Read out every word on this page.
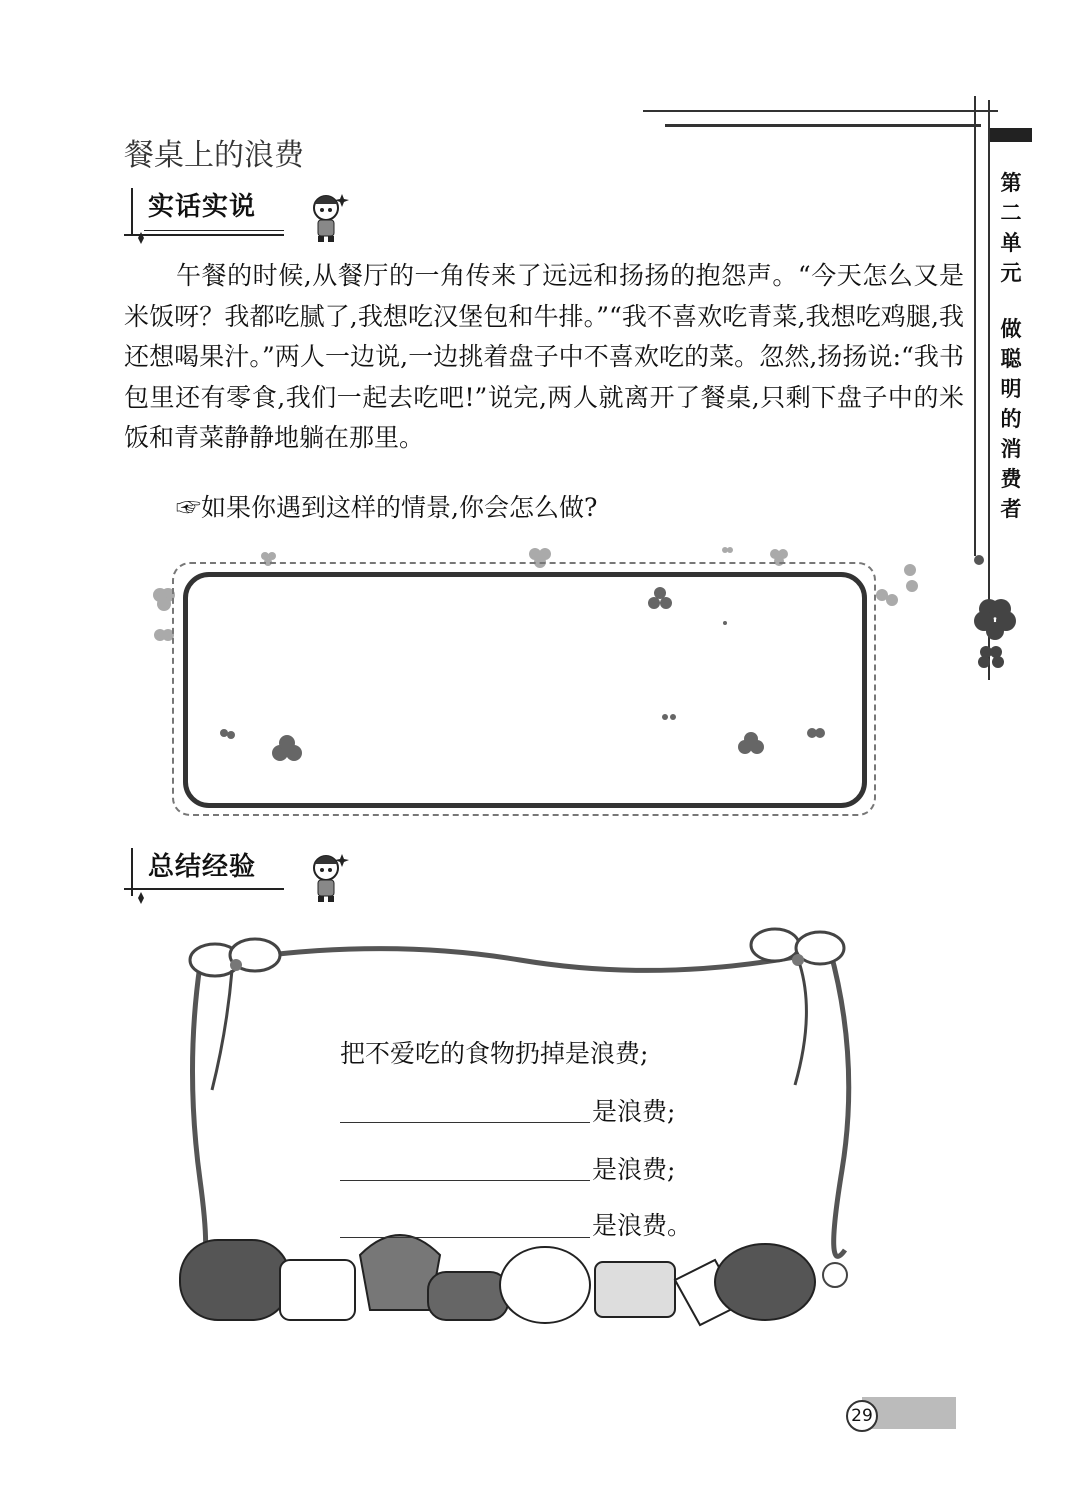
第
二
单
元
做
聪
明
的
消
费
者
餐桌上的浪费
实话实说

午餐的时候,从餐厅的一角传来了远远和扬扬的抱怨声。“今天怎么又是米饭呀？我都吃腻了,我想吃汉堡包和牛排。”“我不喜欢吃青菜,我想吃鸡腿,我还想喝果汁。”两人一边说,一边挑着盘子中不喜欢吃的菜。忽然,扬扬说:“我书包里还有零食,我们一起去吃吧!”说完,两人就离开了餐桌,只剩下盘子中的米饭和青菜静静地躺在那里。

☞如果你遇到这样的情景,你会怎么做?
总结经验
把不爱吃的食物扔掉是浪费;
是浪费;
是浪费;
是浪费。
29
